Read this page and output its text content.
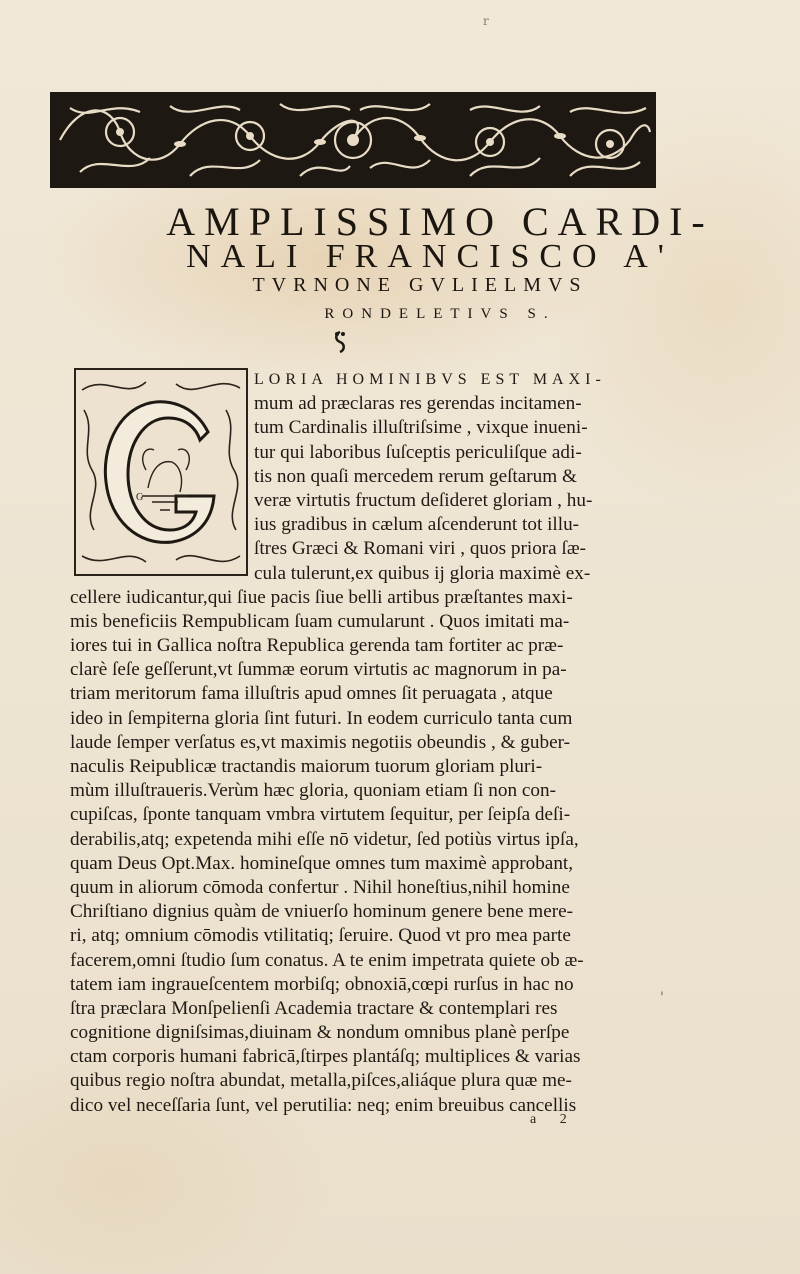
r
AMPLISSIMO CARDI-
NALI FRANCISCO A'
TVRNONE GVLIELMVS
RONDELETIVS S.
G
LORIA HOMINIBVS EST MAXI-
mum ad præclaras res gerendas incitamen-
tum Cardinalis illuſtriſsime , vixque inueni-
tur qui laboribus ſuſceptis periculiſque adi-
tis non quaſi mercedem rerum geſtarum &
veræ virtutis fructum deſideret gloriam , hu-
ius gradibus in cælum aſcenderunt tot illu-
ſtres Græci & Romani viri , quos priora ſæ-
cula tulerunt,ex quibus ij gloria maximè ex-
cellere iudicantur,qui ſiue pacis ſiue belli artibus præſtantes maxi-
mis beneficiis Rempublicam ſuam cumularunt . Quos imitati ma-
iores tui in Gallica noſtra Republica gerenda tam fortiter ac præ-
clarè ſeſe geſſerunt,vt ſummæ eorum virtutis ac magnorum in pa-
triam meritorum fama illuſtris apud omnes ſit peruagata , atque
ideo in ſempiterna gloria ſint futuri. In eodem curriculo tanta cum
laude ſemper verſatus es,vt maximis negotiis obeundis , & guber-
naculis Reipublicæ tractandis maiorum tuorum gloriam pluri-
mùm illuſtraueris.Verùm hæc gloria, quoniam etiam ſi non con-
cupiſcas, ſponte tanquam vmbra virtutem ſequitur, per ſeipſa deſi-
derabilis,atq; expetenda mihi eſſe nō videtur, ſed potiùs virtus ipſa,
quam Deus Opt.Max. homineſque omnes tum maximè approbant,
quum in aliorum cōmoda confertur . Nihil honeſtius,nihil homine
Chriſtiano dignius quàm de vniuerſo hominum genere bene mere-
ri, atq; omnium cōmodis vtilitatiq; ſeruire. Quod vt pro mea parte
facerem,omni ſtudio ſum conatus. A te enim impetrata quiete ob æ-
tatem iam ingraueſcentem morbiſq; obnoxiā,cœpi rurſus in hac no
ſtra præclara Monſpelienſi Academia tractare & contemplari res
cognitione digniſsimas,diuinam & nondum omnibus planè perſpe
ctam corporis humani fabricā,ſtirpes plantáſq; multiplices & varias
quibus regio noſtra abundat, metalla,piſces,aliáque plura quæ me-
dico vel neceſſaria ſunt, vel perutilia: neq; enim breuibus cancellis
a 2
'
